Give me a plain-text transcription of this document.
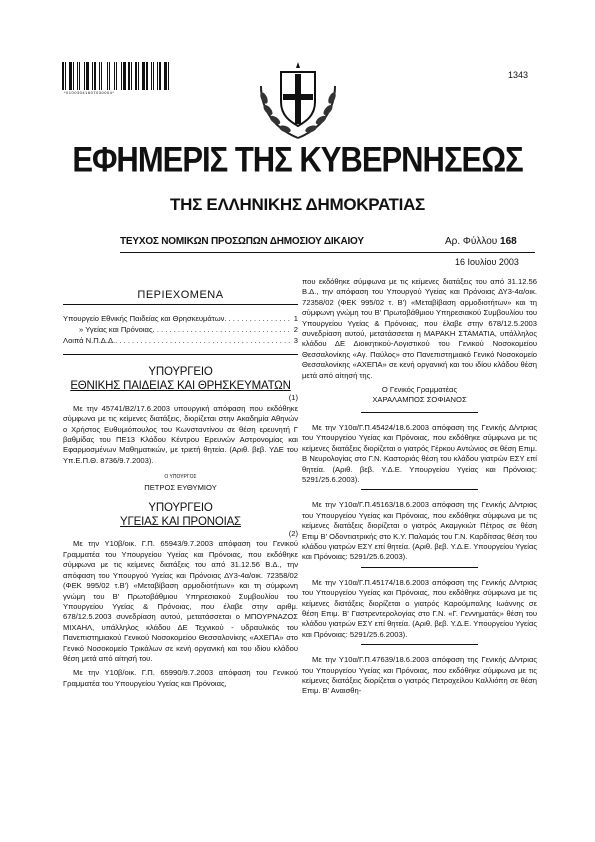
*01003041607030004*
1343
ΕΦΗΜΕΡΙΣ ΤΗΣ ΚΥΒΕΡΝΗΣΕΩΣ
ΤΗΣ ΕΛΛΗΝΙΚΗΣ ΔΗΜΟΚΡΑΤΙΑΣ
ΤΕΥΧΟΣ ΝΟΜΙΚΩΝ ΠΡΟΣΩΠΩΝ ΔΗΜΟΣΙΟΥ ΔΙΚΑΙΟΥ	Αρ. Φύλλου 168
16 Ιουλίου 2003
ΠΕΡΙΕΧΟΜΕΝΑ
Υπουργείο Εθνικής Παιδείας και Θρησκευμάτων . . .	1
» Υγείας και Πρόνοιας . . .	2
Λοιπά Ν.Π.Δ.Δ. . . .	3
ΥΠΟΥΡΓΕΙΟ
ΕΘΝΙΚΗΣ ΠΑΙΔΕΙΑΣ ΚΑΙ ΘΡΗΣΚΕΥΜΑΤΩΝ
(1)

Με την 45741/Β2/17.6.2003 υπουργική απόφαση που εκδόθηκε σύμφωνα με τις κείμενες διατάξεις, διορίζεται στην Ακαδημία Αθηνών ο Χρήστος Ευθυμιόπουλος του Κωνσταντίνου σε θέση ερευνητή Γ βαθμίδας του ΠΕ13 Κλάδου Κέντρου Ερευνών Αστρονομίας και Εφαρμοσμένων Μαθηματικών, με τριετή θητεία. (Αριθ. βεβ. ΥΔΕ του Υπ.Ε.Π.Θ. 8736/9.7.2003).

Ο ΥΠΟΥΡΓΟΣ
ΠΕΤΡΟΣ ΕΥΘΥΜΙΟΥ
ΥΠΟΥΡΓΕΙΟ
ΥΓΕΙΑΣ ΚΑΙ ΠΡΟΝΟΙΑΣ
(2)

Με την Υ10β/οικ. Γ.Π. 65943/9.7.2003 απόφαση του Γενικού Γραμματέα του Υπουργείου Υγείας και Πρόνοιας, που εκδόθηκε σύμφωνα με τις κείμενες διατάξεις του από 31.12.56 Β.Δ., την απόφαση του Υπουργού Υγείας και Πρόνοιας ΔΥ3-4α/οικ. 72358/02 (ΦΕΚ 995/02 τ.Β') «Μεταβίβαση αρμοδιοτήτων» και τη σύμφωνη γνώμη του Β' Πρωτοβάθμιου Υπηρεσιακού Συμβουλίου του Υπουργείου Υγείας & Πρόνοιας, που έλαβε στην αριθμ. 678/12.5.2003 συνεδρίαση αυτού, μετατάσσεται ο ΜΠΟΥΡΝΑΖΟΣ ΜΙΧΑΗΛ, υπάλληλος κλάδου ΔΕ Τεχνικού - υδραυλικός του Πανεπιστημιακού Γενικού Νοσοκομείου Θεσσαλονίκης «ΑΧΕΠΑ» στο Γενικό Νοσοκομείο Τρικάλων σε κενή οργανική και του ιδίου κλάδου θέση μετά από αίτησή του.

Με την Υ10β/οικ. Γ.Π. 65990/9.7.2003 απόφαση του Γενικού Γραμματέα του Υπουργείου Υγείας και Πρόνοιας,

που εκδόθηκε σύμφωνα με τις κείμενες διατάξεις του από 31.12.56 Β.Δ., την απόφαση του Υπουργού Υγείας και Πρόνοιας ΔΥ3-4α/οικ. 72358/02 (ΦΕΚ 995/02 τ. Β') «Μεταβίβαση αρμοδιοτήτων» και τη σύμφωνη γνώμη του Β' Πρωτοβάθμιου Υπηρεσιακού Συμβουλίου του Υπουργείου Υγείας & Πρόνοιας, που έλαβε στην 678/12.5.2003 συνεδρίαση αυτού, μετατάσσεται η ΜΑΡΑΚΗ ΣΤΑΜΑΤΙΑ, υπάλληλος κλάδου ΔΕ Διοικητικού-Λογιστικού του Γενικού Νοσοκομείου Θεσσαλονίκης «Αγ. Παύλος» στο Πανεπιστημιακό Γενικό Νοσοκομείο Θεσσαλονίκης «ΑΧΕΠΑ» σε κενή οργανική και του ιδίου κλάδου θέση μετά από αίτησή της.

Ο Γενικός Γραμματέας
ΧΑΡΑΛΑΜΠΟΣ ΣΟΦΙΑΝΟΣ

Με την Υ10α/Γ.Π.45424/18.6.2003 απόφαση της Γενικής Δ/ντριας του Υπουργείου Υγείας και Πρόνοιας, που εκδόθηκε σύμφωνα με τις κείμενες διατάξεις διορίζεται ο γιατρός Γέρκου Αντώνιος σε θέση Επιμ. Β Νευρολογίας στο Γ.Ν. Καστοριάς θέση του κλάδου γιατρών ΕΣΥ επί θητεία. (Αριθ. βεβ. Υ.Δ.Ε. Υπουργείου Υγείας και Πρόνοιας: 5291/25.6.2003).

Με την Υ10α/Γ.Π.45163/18.6.2003 απόφαση της Γενικής Δ/ντριας του Υπουργείου Υγείας και Πρόνοιας, που εκδόθηκε σύμφωνα με τις κείμενες διατάξεις διορίζεται ο γιατρός Ακαμγκιώτ Πέτρος σε θέση Επιμ Β' Οδοντιατρικής στο Κ.Υ. Παλαμάς του Γ.Ν. Καρδίτσας θέση του κλάδου γιατρών ΕΣΥ επί θητεία. (Αριθ. βεβ. Υ.Δ.Ε. Υπουργείου Υγείας και Πρόνοιας: 5291/25.6.2003).

Με την Υ10α/Γ.Π.45174/18.6.2003 απόφαση της Γενικής Δ/ντριας του Υπουργείου Υγείας και Πρόνοιας, που εκδόθηκε σύμφωνα με τις κείμενες διατάξεις διορίζεται ο γιατρός Καρούμπαλης Ιωάννης σε θέση Επιμ. Β' Γαστρεντερολογίας στο Γ.Ν. «Γ. Γεννηματάς» θέση του κλάδου γιατρών ΕΣΥ επί θητεία. (Αριθ. βεβ. Υ.Δ.Ε. Υπουργείου Υγείας και Πρόνοιας: 5291/25.6.2003).

Με την Υ10α/Γ.Π.47639/18.6.2003 απόφαση της Γενικής Δ/ντριας του Υπουργείου Υγείας και Πρόνοιας, που εκδόθηκε σύμφωνα με τις κείμενες διατάξεις διορίζεται ο γιατρός Πετροχείλου Καλλιόπη σε θέση Επιμ. Β' Αναισθη-
